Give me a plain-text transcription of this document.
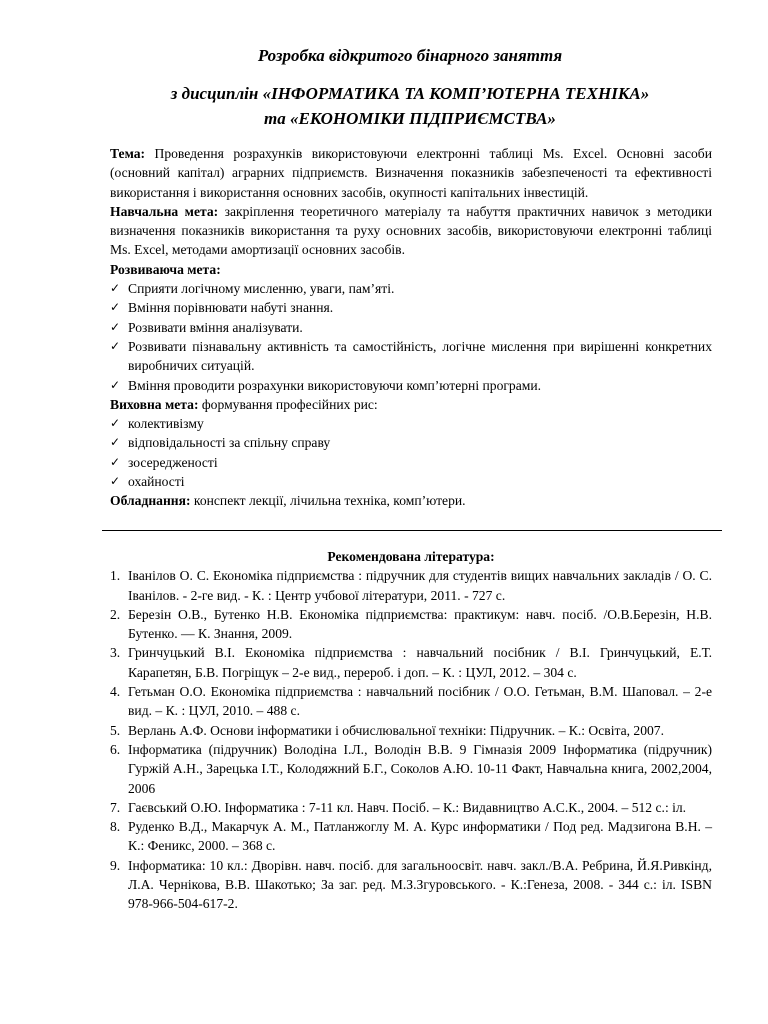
Розробка відкритого бінарного заняття
з дисциплін «ІНФОРМАТИКА ТА КОМП’ЮТЕРНА ТЕХНІКА»
та «ЕКОНОМІКИ ПІДПРИЄМСТВА»

Тема: Проведення розрахунків використовуючи електронні таблиці Ms. Excel. Основні засоби (основний капітал) аграрних підприємств. Визначення показників забезпеченості та ефективності використання і використання основних засобів, окупності капітальних інвестицій.

Навчальна мета: закріплення теоретичного матеріалу та набуття практичних навичок з методики визначення показників використання та руху основних засобів, використовуючи електронні таблиці Ms. Excel, методами амортизації основних засобів.

Розвиваюча мета:

✓ Сприяти логічному мисленню, уваги, пам’яті.
✓ Вміння порівнювати набуті знання.
✓ Розвивати вміння аналізувати.
✓ Розвивати пізнавальну активність та самостійність, логічне мислення при вирішенні конкретних виробничих ситуацій.
✓ Вміння проводити розрахунки використовуючи комп’ютерні програми.

Виховна мета: формування професійних рис:

✓ колективізму
✓ відповідальності за спільну справу
✓ зосередженості
✓ охайності

Обладнання: конспект лекції, лічильна техніка, комп’ютери.

Рекомендована література:

1. Іванілов О. С. Економіка підприємства : підручник для студентів вищих навчальних закладів / О. С. Іванілов. - 2-ге вид. - К. : Центр учбової літератури, 2011. - 727 с.
2. Березін О.В., Бутенко Н.В. Економіка підприємства: практикум: навч. посіб. /О.В.Березін, Н.В. Бутенко. — К. Знання, 2009.
3. Гринчуцький В.І. Економіка підприємства : навчальний посібник / В.І. Гринчуцький, Е.Т. Карапетян, Б.В. Погріщук – 2-е вид., перероб. і доп. – К. : ЦУЛ, 2012. – 304 с.
4. Гетьман О.О. Економіка підприємства : навчальний посібник / О.О. Гетьман, В.М. Шаповал. – 2-е вид. – К. : ЦУЛ, 2010. – 488 с.
5. Верлань А.Ф. Основи інформатики і обчислювальної техніки: Підручник. – К.: Освіта, 2007.
6. Інформатика (підручник) Володіна І.Л., Володін В.В. 9 Гімназія 2009 Інформатика (підручник) Гуржій А.Н., Зарецька І.Т., Колодяжний Б.Г., Соколов А.Ю. 10-11 Факт, Навчальна книга, 2002,2004, 2006
7. Гаєвський О.Ю. Інформатика : 7-11 кл. Навч. Посіб. – К.: Видавництво А.С.К., 2004. – 512 с.: іл.
8. Руденко В.Д., Макарчук А. М., Патланжоглу М. А. Курс информатики / Под ред. Мадзигона В.Н. – К.: Феникс, 2000. – 368 с.
9. Інформатика: 10 кл.: Дворівн. навч. посіб. для загальноосвіт. навч. закл./В.А. Ребрина, Й.Я.Ривкінд, Л.А. Чернікова, В.В. Шакотько; За заг. ред. М.З.Згуровського. - К.:Генеза, 2008. - 344 с.: іл. ISBN 978-966-504-617-2.
